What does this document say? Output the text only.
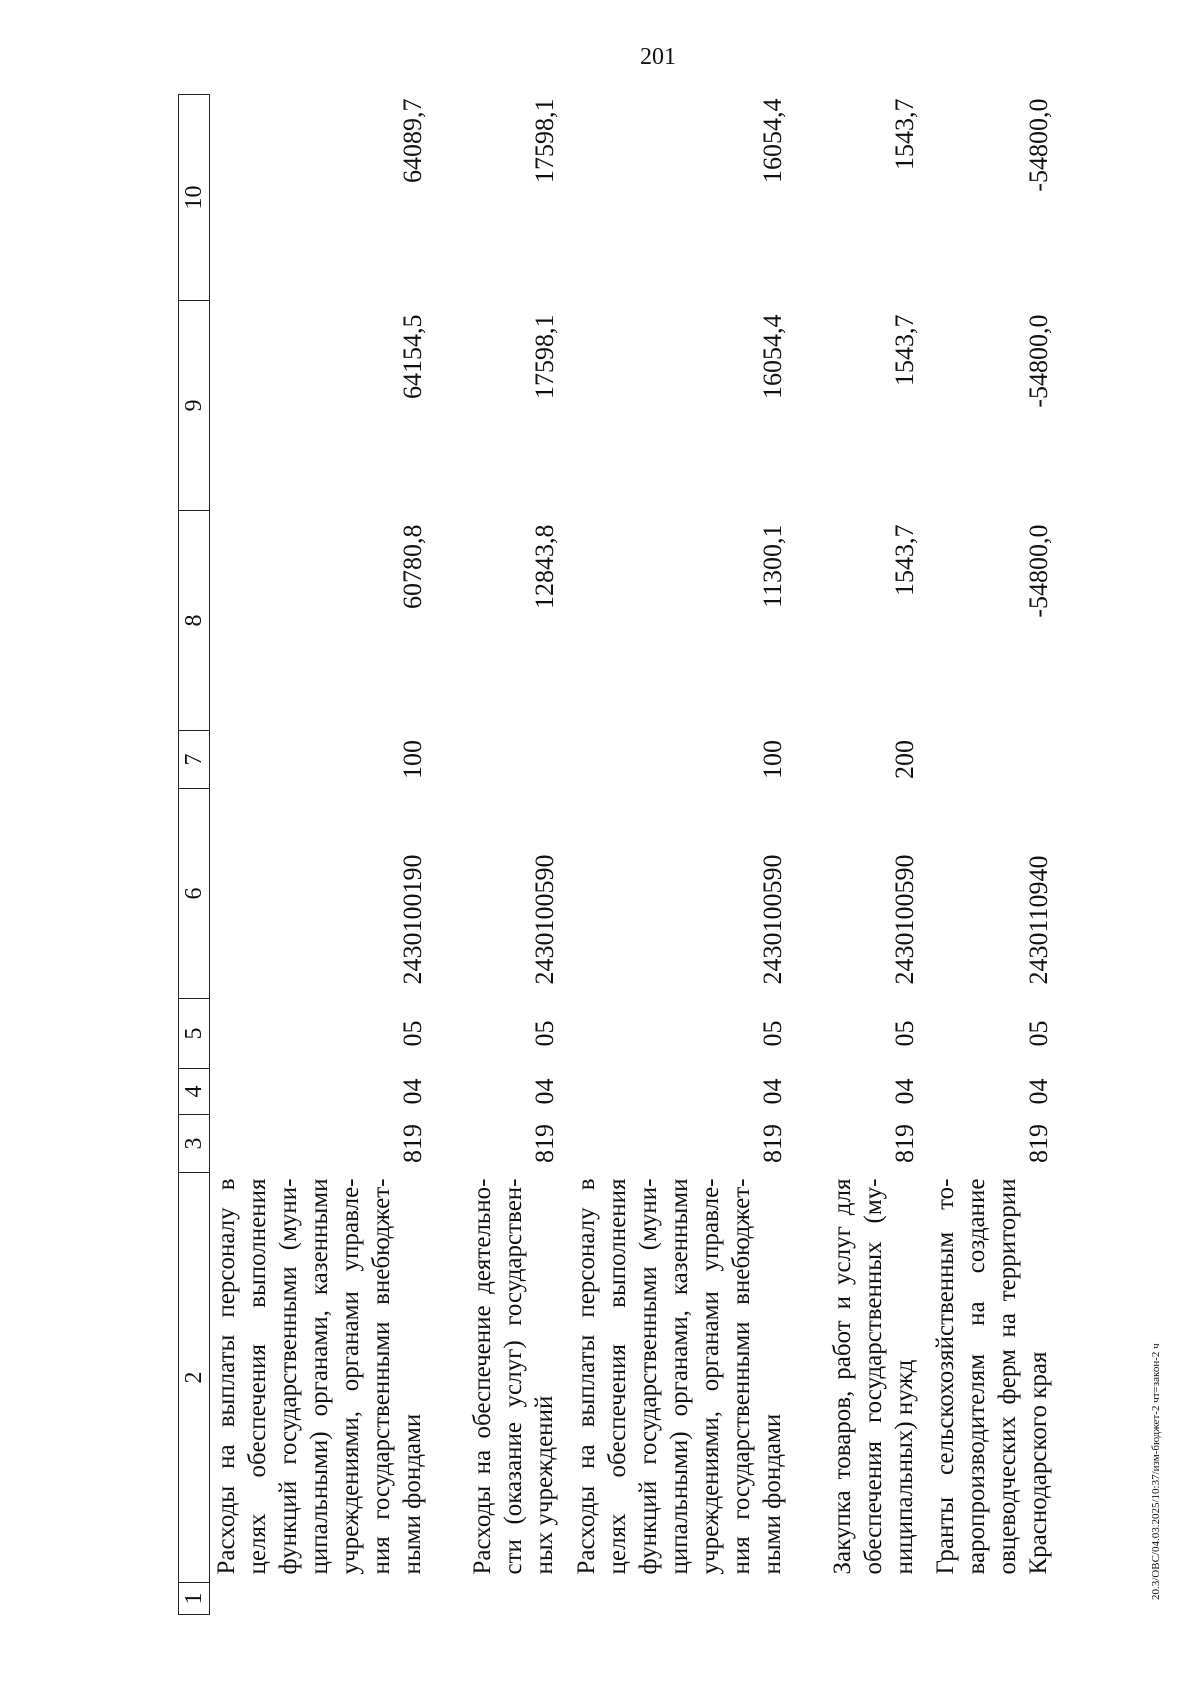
201
20.3/ОВС/04.03.2025/10:37/изм-бюджет-2 чт=закон-2 ч
1	2	3	4	5	6	7	8	9	10
	Расходы на выплаты персоналу в целях обеспечения выполнения функций государственными (муни-ципальными) органами, казенными учреждениями, органами управле-ния государственными внебюджет-ными фондами	819	04	05	2430100190	100	60780,8	64154,5	64089,7
	Расходы на обеспечение деятельно-сти (оказание услуг) государствен-ных учреждений	819	04	05	2430100590		12843,8	17598,1	17598,1
	Расходы на выплаты персоналу в целях обеспечения выполнения функций государственными (муни-ципальными) органами, казенными учреждениями, органами управле-ния государственными внебюджет-ными фондами	819	04	05	2430100590	100	11300,1	16054,4	16054,4
	Закупка товаров, работ и услуг для обеспечения государственных (му-ниципальных) нужд	819	04	05	2430100590	200	1543,7	1543,7	1543,7
	Гранты сельскохозяйственным то-варопроизводителям на создание овцеводческих ферм на территории Краснодарского края	819	04	05	2430110940		-54800,0	-54800,0	-54800,0
